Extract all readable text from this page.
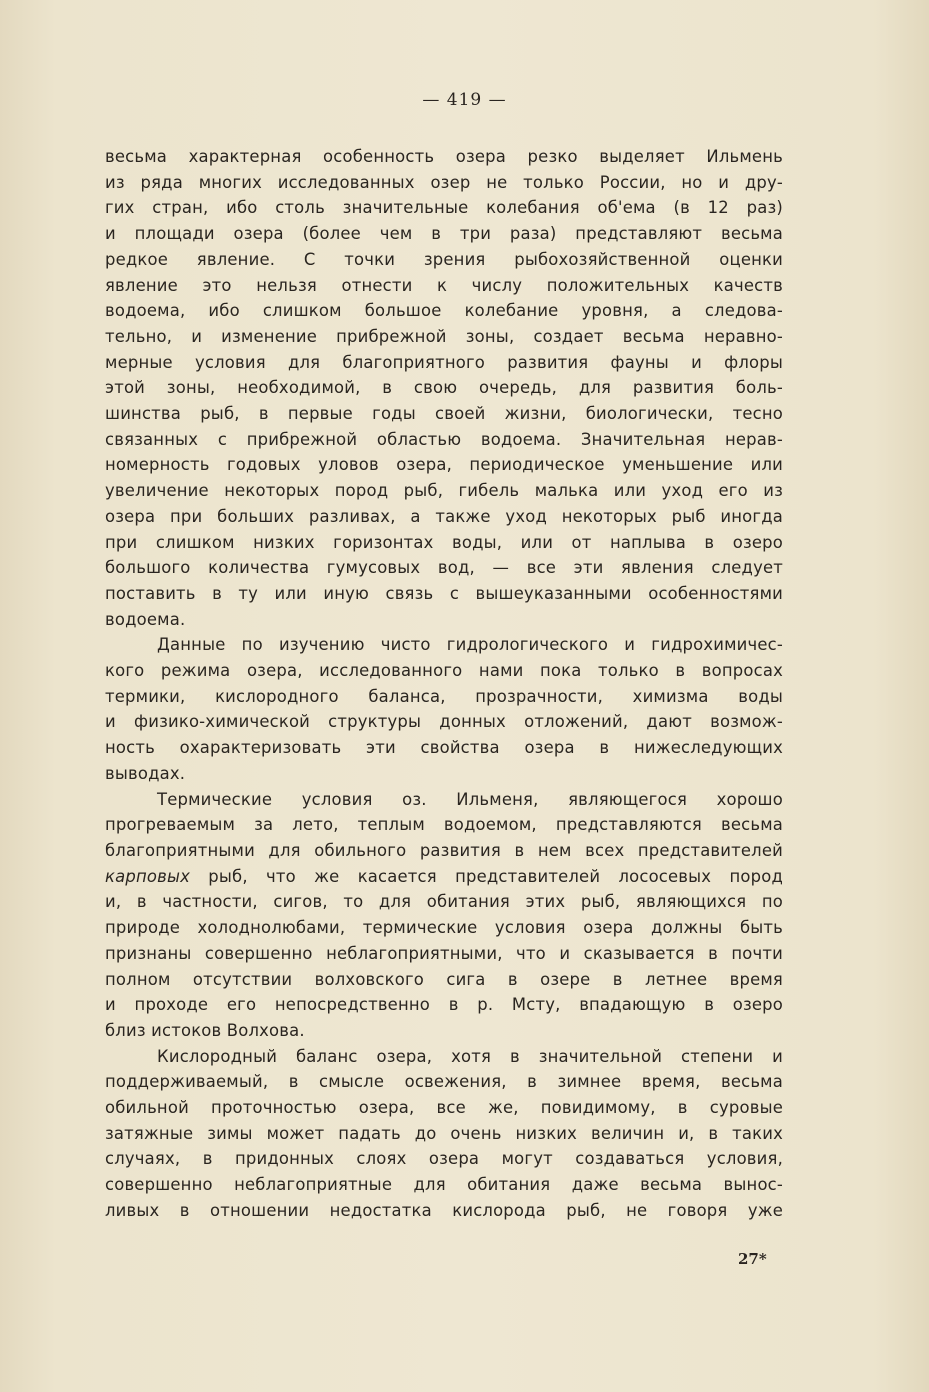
— 419 —
весьма характерная особенность озера резко выделяет Ильмень
из ряда многих исследованных озер не только России, но и дру-
гих стран, ибо столь значительные колебания об'ема (в 12 раз)
и площади озера (более чем в три раза) представляют весьма
редкое явление. С точки зрения рыбохозяйственной оценки
явление это нельзя отнести к числу положительных качеств
водоема, ибо слишком большое колебание уровня, а следова-
тельно, и изменение прибрежной зоны, создает весьма неравно-
мерные условия для благоприятного развития фауны и флоры
этой зоны, необходимой, в свою очередь, для развития боль-
шинства рыб, в первые годы своей жизни, биологически, тесно
связанных с прибрежной областью водоема. Значительная нерав-
номерность годовых уловов озера, периодическое уменьшение или
увеличение некоторых пород рыб, гибель малька или уход его из
озера при больших разливах, а также уход некоторых рыб иногда
при слишком низких горизонтах воды, или от наплыва в озеро
большого количества гумусовых вод, — все эти явления следует
поставить в ту или иную связь с вышеуказанными особенностями
водоема.
Данные по изучению чисто гидрологического и гидрохимичес-
кого режима озера, исследованного нами пока только в вопросах
термики, кислородного баланса, прозрачности, химизма воды
и физико-химической структуры донных отложений, дают возмож-
ность охарактеризовать эти свойства озера в нижеследующих
выводах.
Термические условия оз. Ильменя, являющегося хорошо
прогреваемым за лето, теплым водоемом, представляются весьма
благоприятными для обильного развития в нем всех представителей
карповых рыб, что же касается представителей лососевых пород
и, в частности, сигов, то для обитания этих рыб, являющихся по
природе холоднолюбами, термические условия озера должны быть
признаны совершенно неблагоприятными, что и сказывается в почти
полном отсутствии волховского сига в озере в летнее время
и проходе его непосредственно в р. Мсту, впадающую в озеро
близ истоков Волхова.
Кислородный баланс озера, хотя в значительной степени и
поддерживаемый, в смысле освежения, в зимнее время, весьма
обильной проточностью озера, все же, повидимому, в суровые
затяжные зимы может падать до очень низких величин и, в таких
случаях, в придонных слоях озера могут создаваться условия,
совершенно неблагоприятные для обитания даже весьма вынос-
ливых в отношении недостатка кислорода рыб, не говоря уже
27*
